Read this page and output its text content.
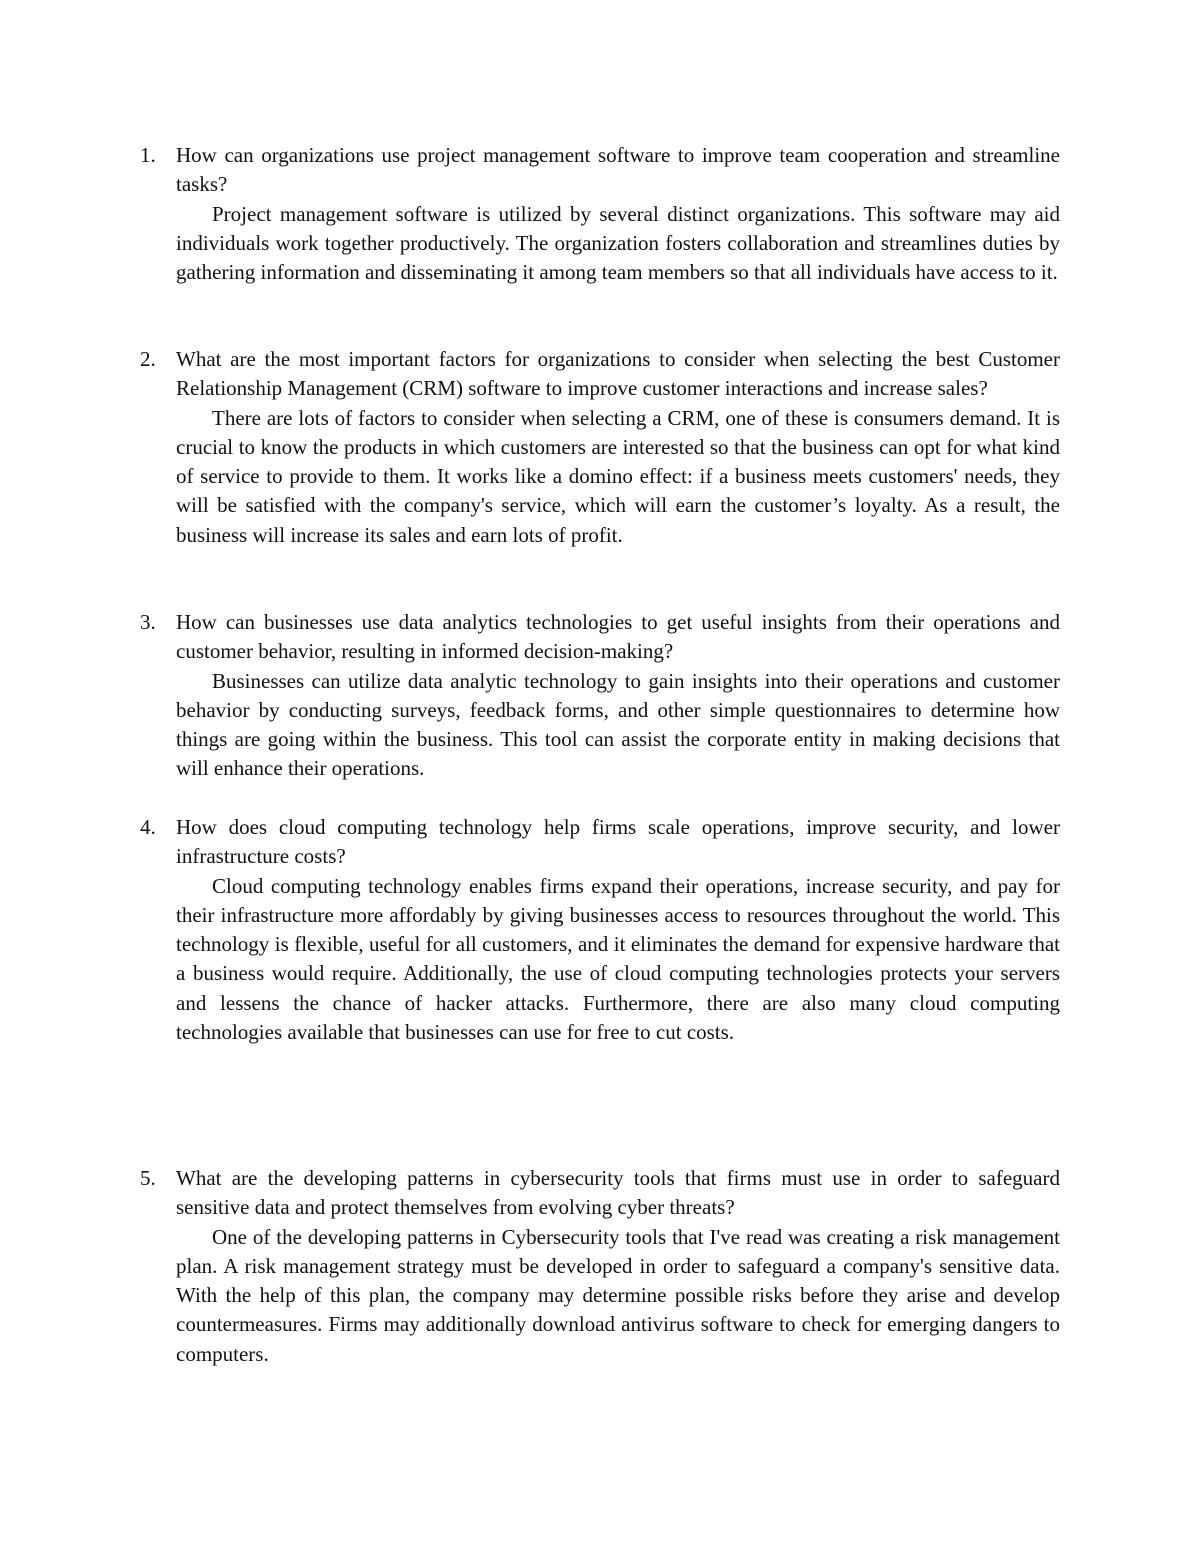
1. How can organizations use project management software to improve team cooperation and streamline tasks?
Project management software is utilized by several distinct organizations. This software may aid individuals work together productively. The organization fosters collaboration and streamlines duties by gathering information and disseminating it among team members so that all individuals have access to it.
2. What are the most important factors for organizations to consider when selecting the best Customer Relationship Management (CRM) software to improve customer interactions and increase sales?
There are lots of factors to consider when selecting a CRM, one of these is consumers demand. It is crucial to know the products in which customers are interested so that the business can opt for what kind of service to provide to them. It works like a domino effect: if a business meets customers' needs, they will be satisfied with the company's service, which will earn the customer’s loyalty. As a result, the business will increase its sales and earn lots of profit.
3. How can businesses use data analytics technologies to get useful insights from their operations and customer behavior, resulting in informed decision-making?
Businesses can utilize data analytic technology to gain insights into their operations and customer behavior by conducting surveys, feedback forms, and other simple questionnaires to determine how things are going within the business. This tool can assist the corporate entity in making decisions that will enhance their operations.
4. How does cloud computing technology help firms scale operations, improve security, and lower infrastructure costs?
Cloud computing technology enables firms expand their operations, increase security, and pay for their infrastructure more affordably by giving businesses access to resources throughout the world. This technology is flexible, useful for all customers, and it eliminates the demand for expensive hardware that a business would require. Additionally, the use of cloud computing technologies protects your servers and lessens the chance of hacker attacks. Furthermore, there are also many cloud computing technologies available that businesses can use for free to cut costs.
5. What are the developing patterns in cybersecurity tools that firms must use in order to safeguard sensitive data and protect themselves from evolving cyber threats?
One of the developing patterns in Cybersecurity tools that I've read was creating a risk management plan. A risk management strategy must be developed in order to safeguard a company's sensitive data. With the help of this plan, the company may determine possible risks before they arise and develop countermeasures. Firms may additionally download antivirus software to check for emerging dangers to computers.
